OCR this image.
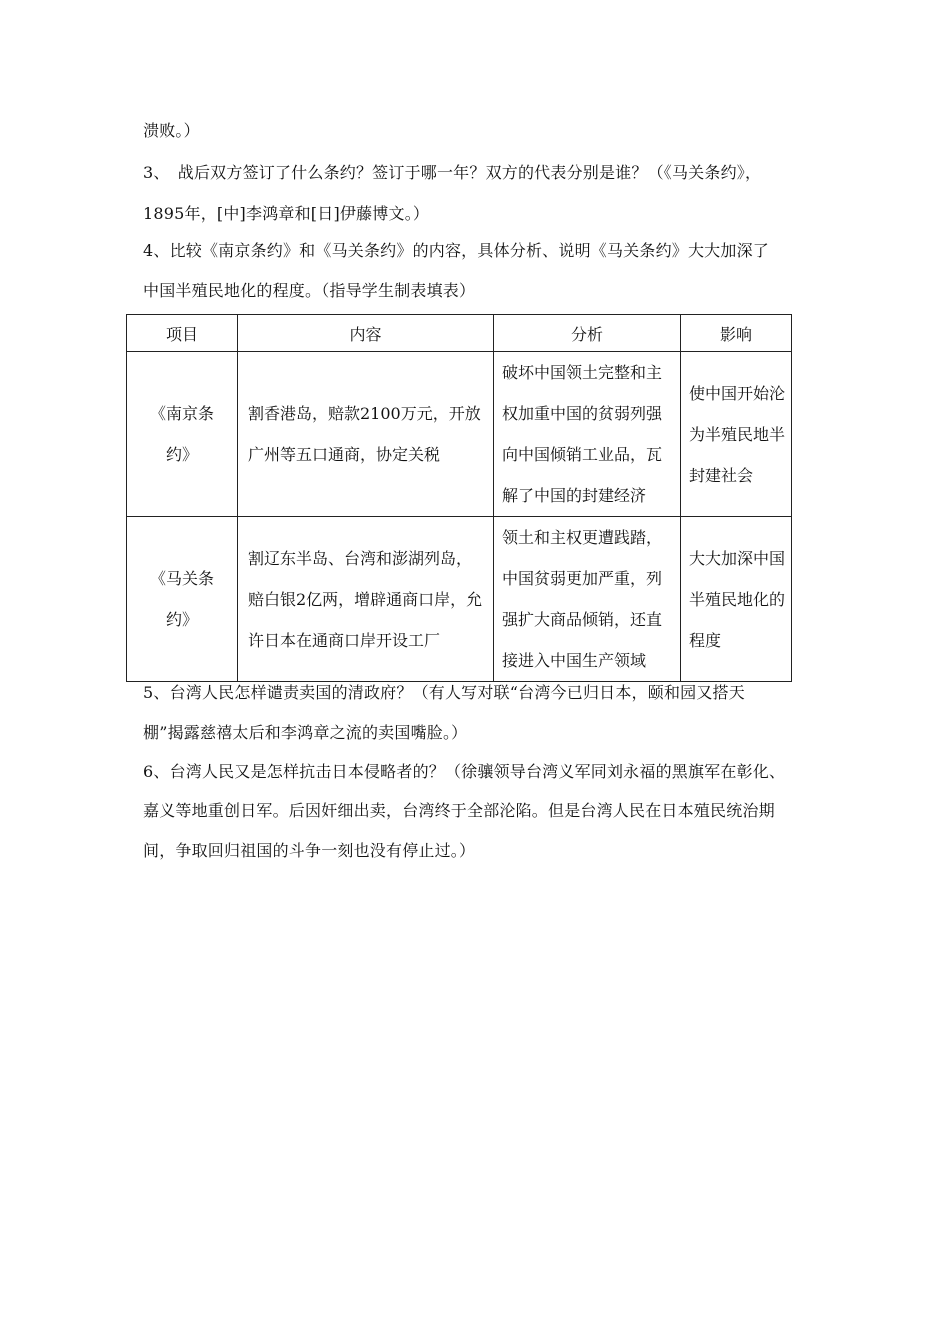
溃败。）
3、　战后双方签订了什么条约？签订于哪一年？双方的代表分别是谁？（《马关条约》，
1895年，[中]李鸿章和[日]伊藤博文。）
4、比较《南京条约》和《马关条约》的内容，具体分析、说明《马关条约》大大加深了
中国半殖民地化的程度。（指导学生制表填表）
项目	内容	分析	影响

《南京条约》	割香港岛，赔款2100万元，开放广州等五口通商，协定关税	破坏中国领土完整和主权加重中国的贫弱列强向中国倾销工业品，瓦解了中国的封建经济	使中国开始沦为半殖民地半封建社会

《马关条约》	割辽东半岛、台湾和澎湖列岛，赔白银2亿两，增辟通商口岸，允许日本在通商口岸开设工厂	领土和主权更遭践踏，中国贫弱更加严重，列强扩大商品倾销，还直接进入中国生产领域	大大加深中国半殖民地化的程度
5、台湾人民怎样谴责卖国的清政府？（有人写对联“台湾今已归日本，颐和园又搭天
棚”揭露慈禧太后和李鸿章之流的卖国嘴脸。）
6、台湾人民又是怎样抗击日本侵略者的？（徐骧领导台湾义军同刘永福的黑旗军在彰化、
嘉义等地重创日军。后因奸细出卖，台湾终于全部沦陷。但是台湾人民在日本殖民统治期
间，争取回归祖国的斗争一刻也没有停止过。）
